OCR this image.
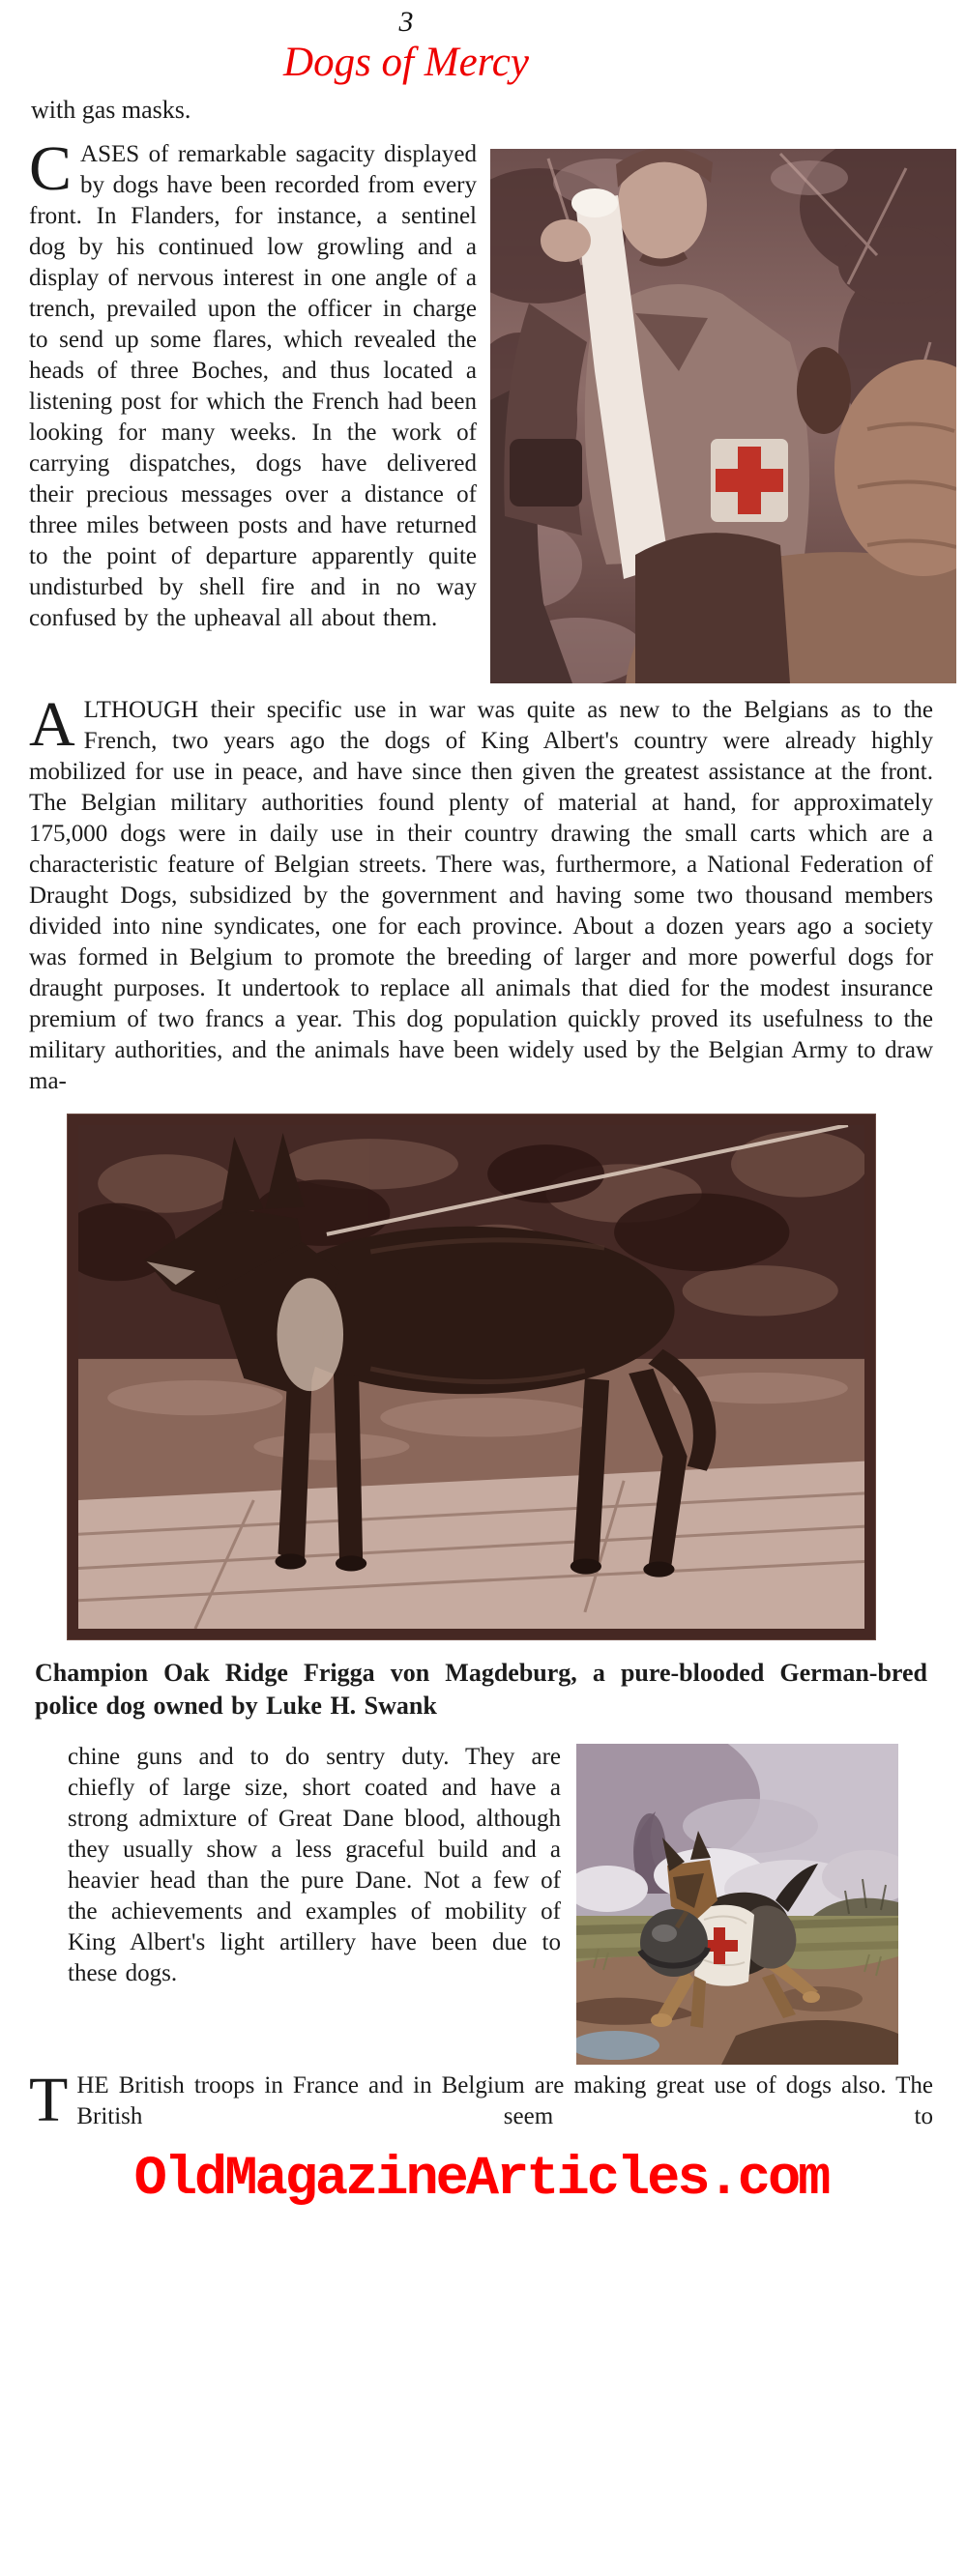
3
Dogs of Mercy

with gas masks.

CASES of remarkable sagacity displayed by dogs have been recorded from every front. In Flanders, for instance, a sentinel dog by his continued low growling and a display of nervous interest in one angle of a trench, prevailed upon the officer in charge to send up some flares, which revealed the heads of three Boches, and thus located a listening post for which the French had been looking for many weeks. In the work of carrying dispatches, dogs have delivered their precious messages over a distance of three miles between posts and have returned to the point of departure apparently quite undisturbed by shell fire and in no way confused by the upheaval all about them.

ALTHOUGH their specific use in war was quite as new to the Belgians as to the French, two years ago the dogs of King Albert's country were already highly mobilized for use in peace, and have since then given the greatest assistance at the front. The Belgian military authorities found plenty of material at hand, for approximately 175,000 dogs were in daily use in their country drawing the small carts which are a characteristic feature of Belgian streets. There was, furthermore, a National Federation of Draught Dogs, subsidized by the government and having some two thousand members divided into nine syndicates, one for each province. About a dozen years ago a society was formed in Belgium to promote the breeding of larger and more powerful dogs for draught purposes. It undertook to replace all animals that died for the modest insurance premium of two francs a year. This dog population quickly proved its usefulness to the military authorities, and the animals have been widely used by the Belgian Army to draw ma-

Champion Oak Ridge Frigga von Magdeburg, a pure-blooded German-bred police dog owned by Luke H. Swank

chine guns and to do sentry duty. They are chiefly of large size, short coated and have a strong admixture of Great Dane blood, although they usually show a less graceful build and a heavier head than the pure Dane. Not a few of the achievements and examples of mobility of King Albert's light artillery have been due to these dogs.

THE British troops in France and in Belgium are making great use of dogs also. The British seem to

OldMagazineArticles.com
